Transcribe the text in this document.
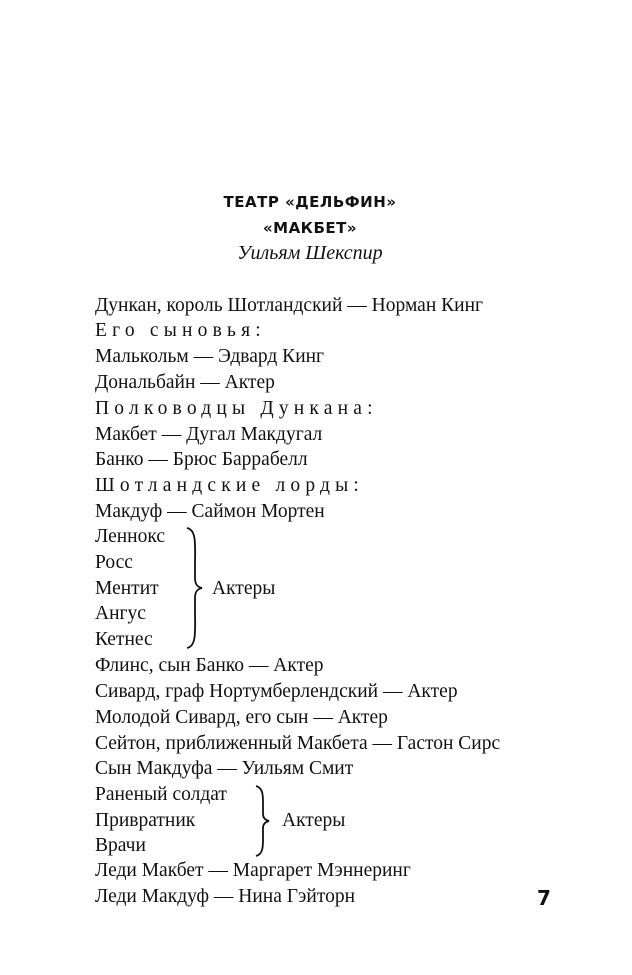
ТЕАТР «ДЕЛЬФИН»
«МАКБЕТ»
Уильям Шекспир
Дункан, король Шотландский — Норман Кинг
Его сыновья:
Малькольм — Эдвард Кинг
Дональбайн — Актер
Полководцы Дункана:
Макбет — Дугал Макдугал
Банко — Брюс Баррабелл
Шотландские лорды:
Макдуф — Саймон Мортен
Леннокс
Росс
Ментит
Ангус
Кетнес
Флинс, сын Банко — Актер
Сивард, граф Нортумберлендский — Актер
Молодой Сивард, его сын — Актер
Сейтон, приближенный Макбета — Гастон Сирс
Сын Макдуфа — Уильям Смит
Раненый солдат
Привратник
Врачи
Леди Макбет — Маргарет Мэннеринг
Леди Макдуф — Нина Гэйторн
Актеры
Актеры
7
